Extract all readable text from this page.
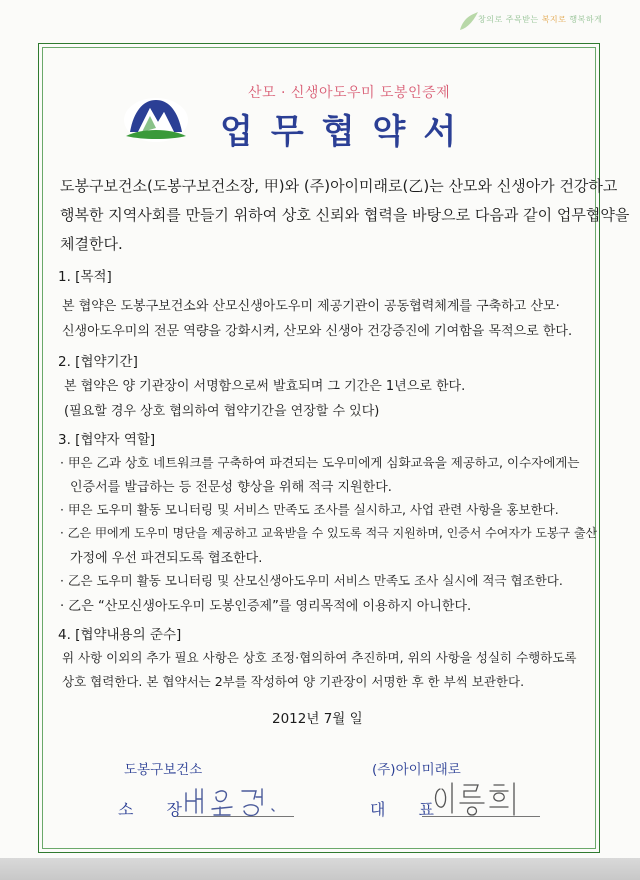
창의로 주목받는 복지로 행복하게
산모 · 신생아도우미 도봉인증제
업무협약서
도봉구보건소(도봉구보건소장, 甲)와 (주)아이미래로(乙)는 산모와 신생아가 건강하고
행복한 지역사회를 만들기 위하여 상호 신뢰와 협력을 바탕으로 다음과 같이 업무협약을
체결한다.
1. [목적]
본 협약은 도봉구보건소와 산모신생아도우미 제공기관이 공동협력체계를 구축하고 산모·
신생아도우미의 전문 역량을 강화시켜, 산모와 신생아 건강증진에 기여함을 목적으로 한다.
2. [협약기간]
본 협약은 양 기관장이 서명함으로써 발효되며 그 기간은 1년으로 한다.
(필요할 경우 상호 협의하여 협약기간을 연장할 수 있다)
3. [협약자 역할]
· 甲은 乙과 상호 네트워크를 구축하여 파견되는 도우미에게 심화교육을 제공하고, 이수자에게는
인증서를 발급하는 등 전문성 향상을 위해 적극 지원한다.
· 甲은 도우미 활동 모니터링 및 서비스 만족도 조사를 실시하고, 사업 관련 사항을 홍보한다.
· 乙은 甲에게 도우미 명단을 제공하고 교육받을 수 있도록 적극 지원하며, 인증서 수여자가 도봉구 출산
가정에 우선 파견되도록 협조한다.
· 乙은 도우미 활동 모니터링 및 산모신생아도우미 서비스 만족도 조사 실시에 적극 협조한다.
· 乙은 “산모신생아도우미 도봉인증제”를 영리목적에 이용하지 아니한다.
4. [협약내용의 준수]
위 사항 이외의 추가 필요 사항은 상호 조정·협의하여 추진하며, 위의 사항을 성실히 수행하도록
상호 협력한다. 본 협약서는 2부를 작성하여 양 기관장이 서명한 후 한 부씩 보관한다.
2012년 7월 일
도봉구보건소	(주)아이미래로
소 장	대 표
